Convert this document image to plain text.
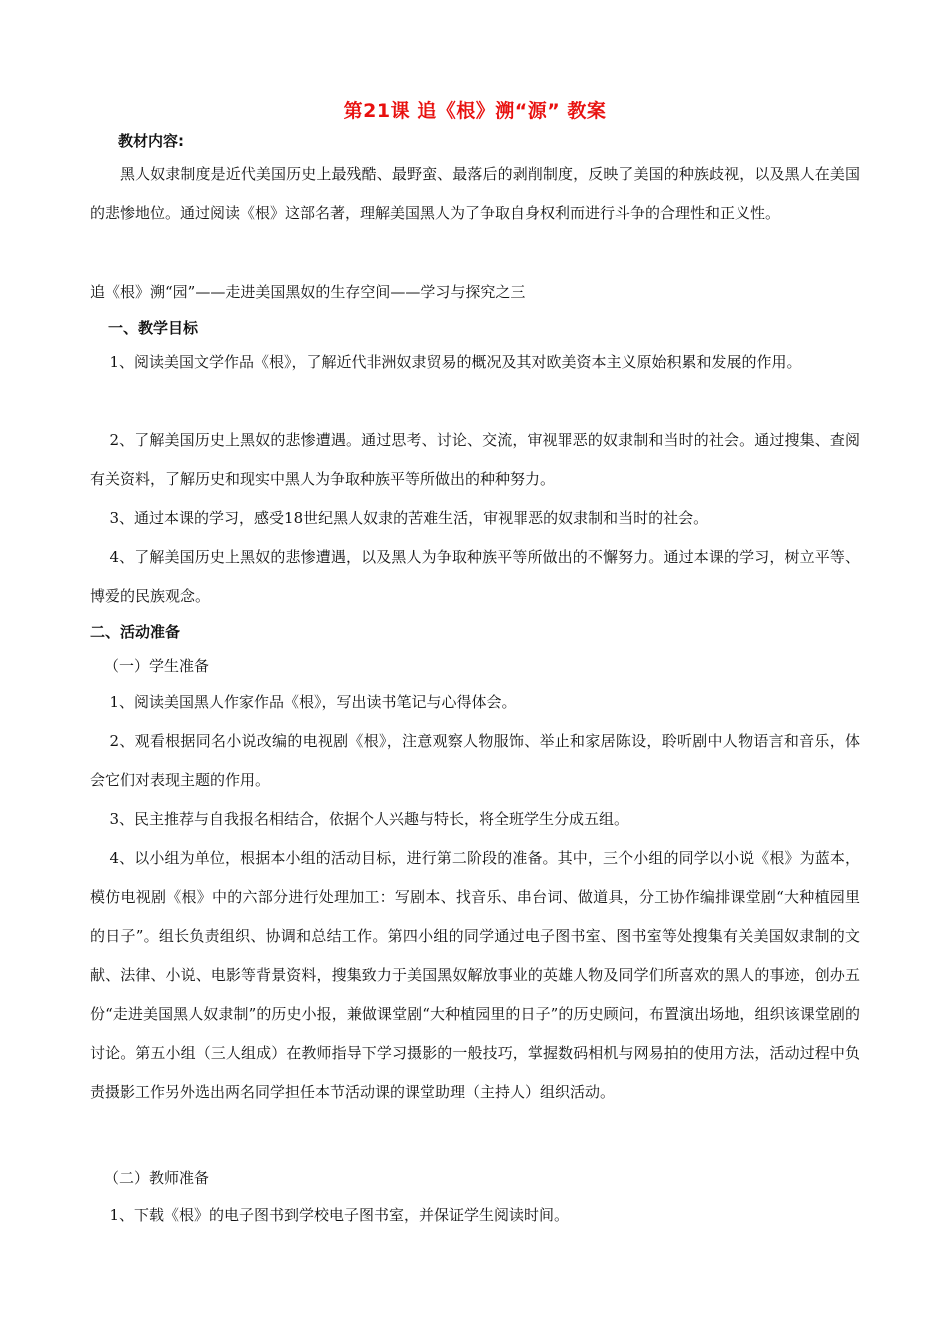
第21课 追《根》溯“源” 教案
教材内容:
黑人奴隶制度是近代美国历史上最残酷、最野蛮、最落后的剥削制度，反映了美国的种族歧视，以及黑人在美国的悲惨地位。通过阅读《根》这部名著，理解美国黑人为了争取自身权利而进行斗争的合理性和正义性。
追《根》溯“园”——走进美国黑奴的生存空间——学习与探究之三
一、教学目标
1、阅读美国文学作品《根》，了解近代非洲奴隶贸易的概况及其对欧美资本主义原始积累和发展的作用。
2、了解美国历史上黑奴的悲惨遭遇。通过思考、讨论、交流，审视罪恶的奴隶制和当时的社会。通过搜集、查阅有关资料，了解历史和现实中黑人为争取种族平等所做出的种种努力。
3、通过本课的学习，感受18世纪黑人奴隶的苦难生活，审视罪恶的奴隶制和当时的社会。
4、了解美国历史上黑奴的悲惨遭遇，以及黑人为争取种族平等所做出的不懈努力。通过本课的学习，树立平等、博爱的民族观念。
二、活动准备
（一）学生准备
1、阅读美国黑人作家作品《根》，写出读书笔记与心得体会。
2、观看根据同名小说改编的电视剧《根》，注意观察人物服饰、举止和家居陈设，聆听剧中人物语言和音乐，体会它们对表现主题的作用。
3、民主推荐与自我报名相结合，依据个人兴趣与特长，将全班学生分成五组。
4、以小组为单位，根据本小组的活动目标，进行第二阶段的准备。其中，三个小组的同学以小说《根》为蓝本，模仿电视剧《根》中的六部分进行处理加工：写剧本、找音乐、串台词、做道具，分工协作编排课堂剧“大种植园里的日子”。组长负责组织、协调和总结工作。第四小组的同学通过电子图书室、图书室等处搜集有关美国奴隶制的文献、法律、小说、电影等背景资料，搜集致力于美国黑奴解放事业的英雄人物及同学们所喜欢的黑人的事迹，创办五份“走进美国黑人奴隶制”的历史小报，兼做课堂剧“大种植园里的日子”的历史顾问，布置演出场地，组织该课堂剧的讨论。第五小组（三人组成）在教师指导下学习摄影的一般技巧，掌握数码相机与网易拍的使用方法，活动过程中负责摄影工作另外选出两名同学担任本节活动课的课堂助理（主持人）组织活动。
（二）教师准备
1、下载《根》的电子图书到学校电子图书室，并保证学生阅读时间。
